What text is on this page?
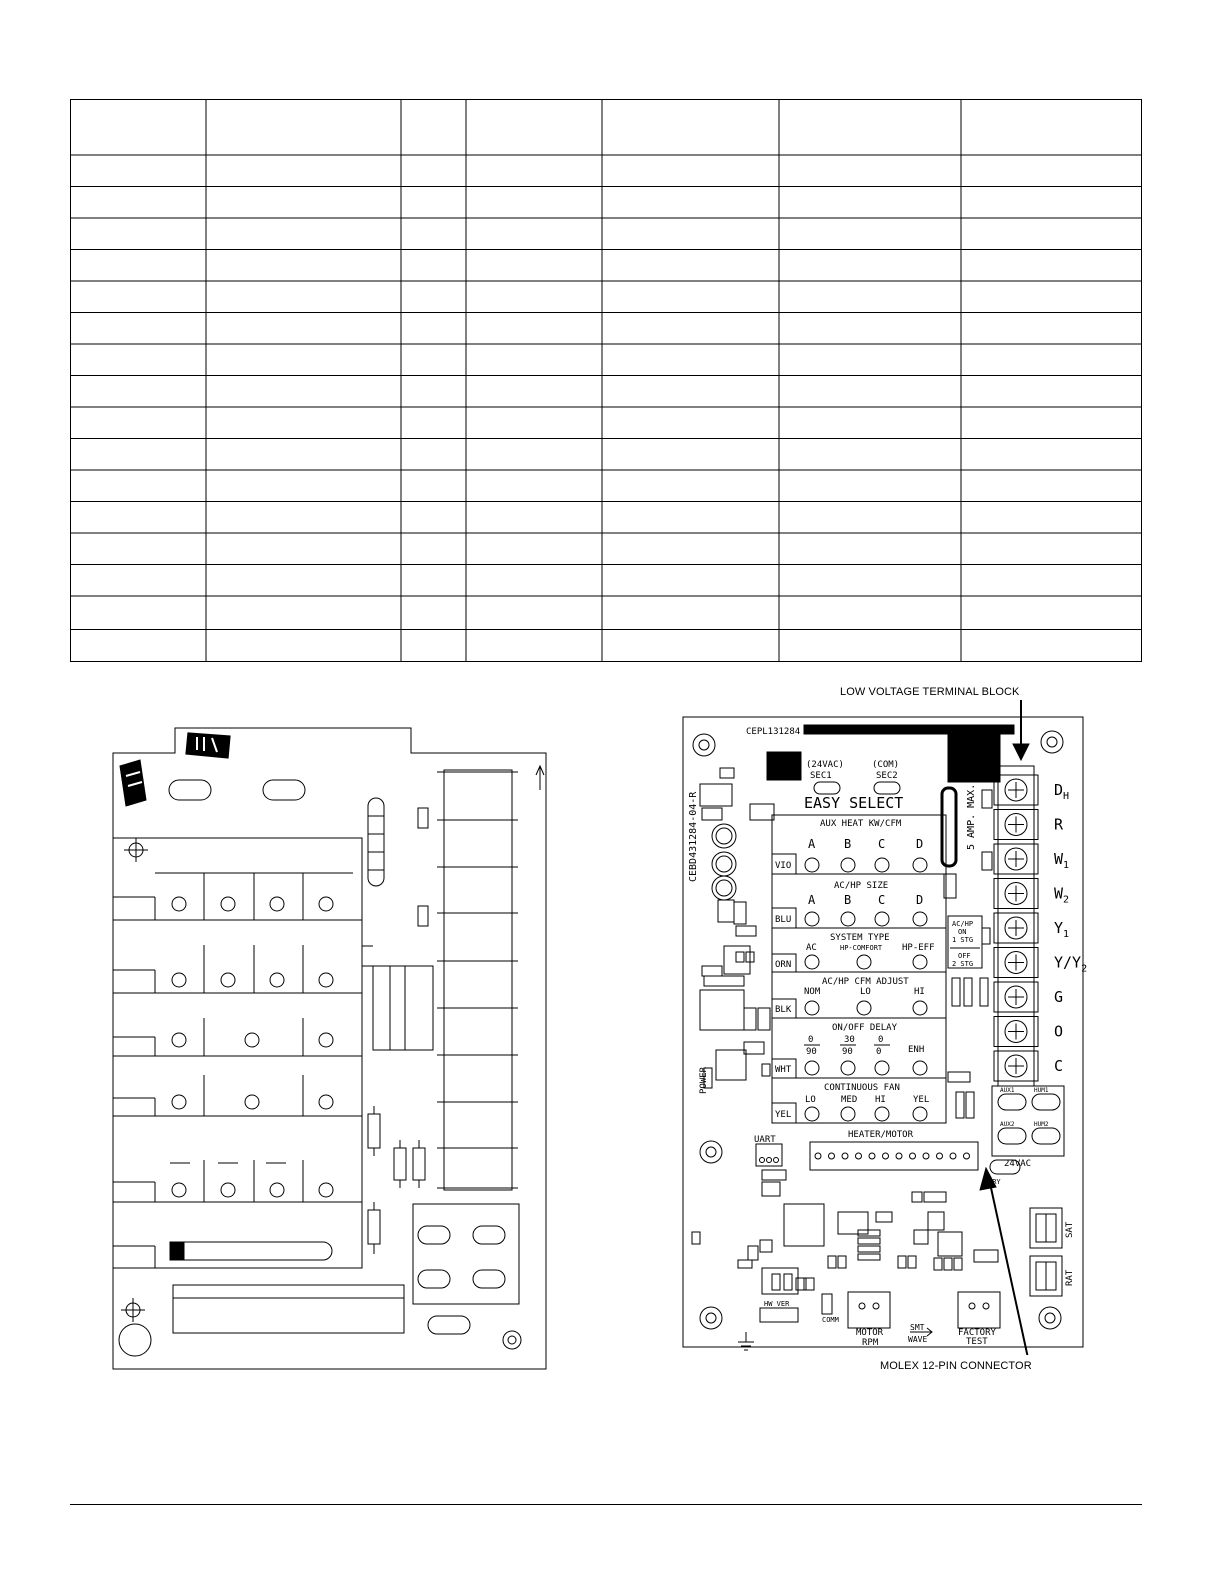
LOW VOLTAGE TERMINAL BLOCK
MOLEX 12-PIN CONNECTOR
CEPL131284
(24VAC)
SEC1
(COM)
SEC2
CEBD431284-04-R	EASY SELECT	5 AMP. MAX.
AUX HEAT KW/CFM
A B C	D
VIO
AC/HP SIZE
A B C	D
BLU
SYSTEM TYPE
AC	HP-COMFORT HP-EFF
ORN
AC/HP CFM ADJUST
NOM	LO	HI
BLK
ON/OFF DELAY
0
90
30
90
0
0	ENH
WHT
CONTINUOUS FAN
LO	MED HI	YEL
YEL
POWER
UART
HW VER
COMM
MOTOR
RPM
SMT
WAVE
FACTORY
TEST
HEATER/MOTOR
24VAC
GRY
SAT
RAT
$D_H$
R
$W_1$
$W_2$
$Y_1$
$Y/Y_2$
G
O
C
AC/HP
ON
1 STG
OFF
2 STG
AUX1	HUM1
AUX2	HUM2
